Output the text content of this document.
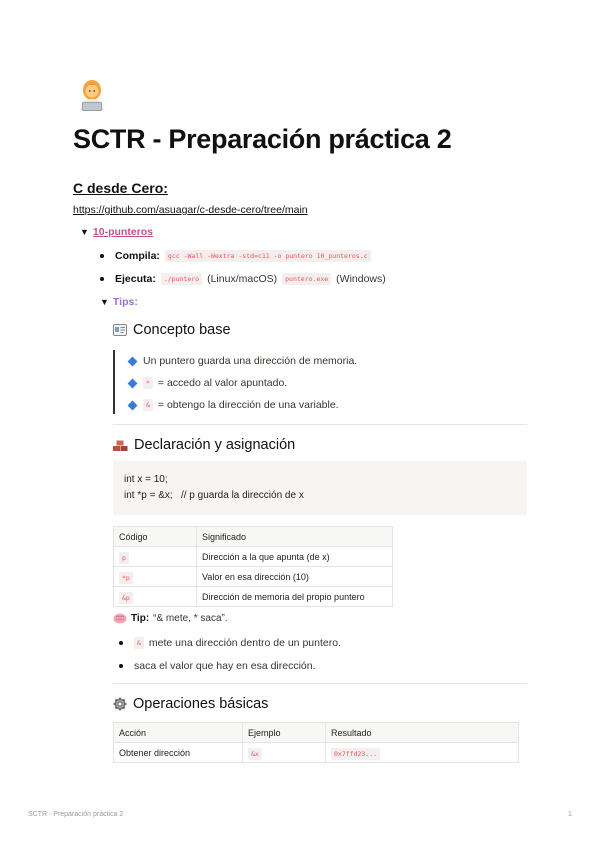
SCTR - Preparación práctica 2
C desde Cero:
https://github.com/asuagar/c-desde-cero/tree/main
▼ 10-punteros
Compila:	gcc -Wall -Wextra -std=c11 -o puntero 10_punteros.c
Ejecuta:	./puntero (Linux/macOS)	puntero.exe (Windows)
▼ Tips:
Concepto base
Un puntero guarda una dirección de memoria.
* = accedo al valor apuntado.
& = obtengo la dirección de una variable.
Declaración y asignación
int x = 10;
int *p = &x;   // p guarda la dirección de x
Código	Significado
p	Dirección a la que apunta (de x)
*p	Valor en esa dirección (10)
&p	Dirección de memoria del propio puntero
Tip: “& mete, * saca”.
& mete una dirección dentro de un puntero.
saca el valor que hay en esa dirección.
Operaciones básicas
Acción	Ejemplo	Resultado
Obtener dirección	&x	0x7ffd23...
SCTR - Preparación práctica 2	1
